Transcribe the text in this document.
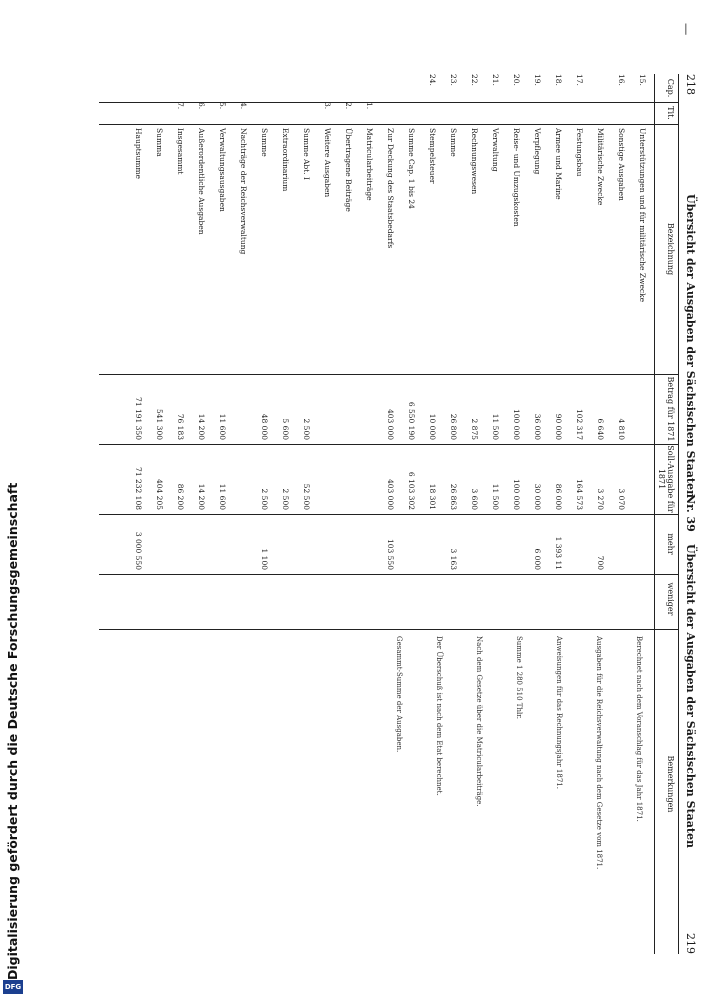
218
Übersicht der Ausgaben der Sächsischen Staaten
Nr. 39
Übersicht der Ausgaben der Sächsischen Staaten
219
Cap.
Tit.
Bezeichnung
Betrag für 1871
Soll-Ausgabe für 1871
mehr
weniger
Bemerkungen
15.
Unterstützungen und für militärische Zwecke
16.
Sonstige Ausgaben
4 810
3 070
Militärische Zwecke
6 640
3 270
700
17.
Festungsbau
102 317
164 573
18.
Armee und Marine
90 000
86 000
1 393 11
19.
Verpflegung
36 000
30 000
6 000
20.
Reise- und Umzugskosten
100 000
100 000
21.
Verwaltung
11 500
11 500
22.
Rechnungswesen
2 875
3 600
23.
Summe
26 800
26 863
3 163
24.
Stempelsteuer
10 000
18 301
Summe Cap. 1 bis 24
6 550 190
6 103 302
Zur Deckung des Staatsbedarfs
403 000
403 000
103 550
1.
Matricularbeiträge
2.
Übertragene Beiträge
3.
Weitere Ausgaben
Summe Abt. I
2 500
52 500
Extraordinarium
5 600
2 500
Summe
48 000
2 500
1 100
4.
Nachträge der Reichsverwaltung
5.
Verwaltungsausgaben
11 600
11 600
6.
Außerordentliche Ausgaben
14 200
14 200
7.
Insgesammt
76 183
86 200
Summa
541 300
404 205
Hauptsumme
71 191 350
71 232 108
3 000 550
Berechnet nach dem Voranschlag für das Jahr 1871.
Ausgaben für die Reichsverwaltung nach dem Gesetze vom 1871.
Anweisungen für das Rechnungsjahr 1871.
Summe 1 280 510 Thlr.
Nach dem Gesetze über die Matricularbeiträge.
Der Überschuß ist nach dem Etat berechnet.
Gesammt-Summe der Ausgaben.
|
Digitalisierung gefördert durch die Deutsche Forschungsgemeinschaft
DFG
